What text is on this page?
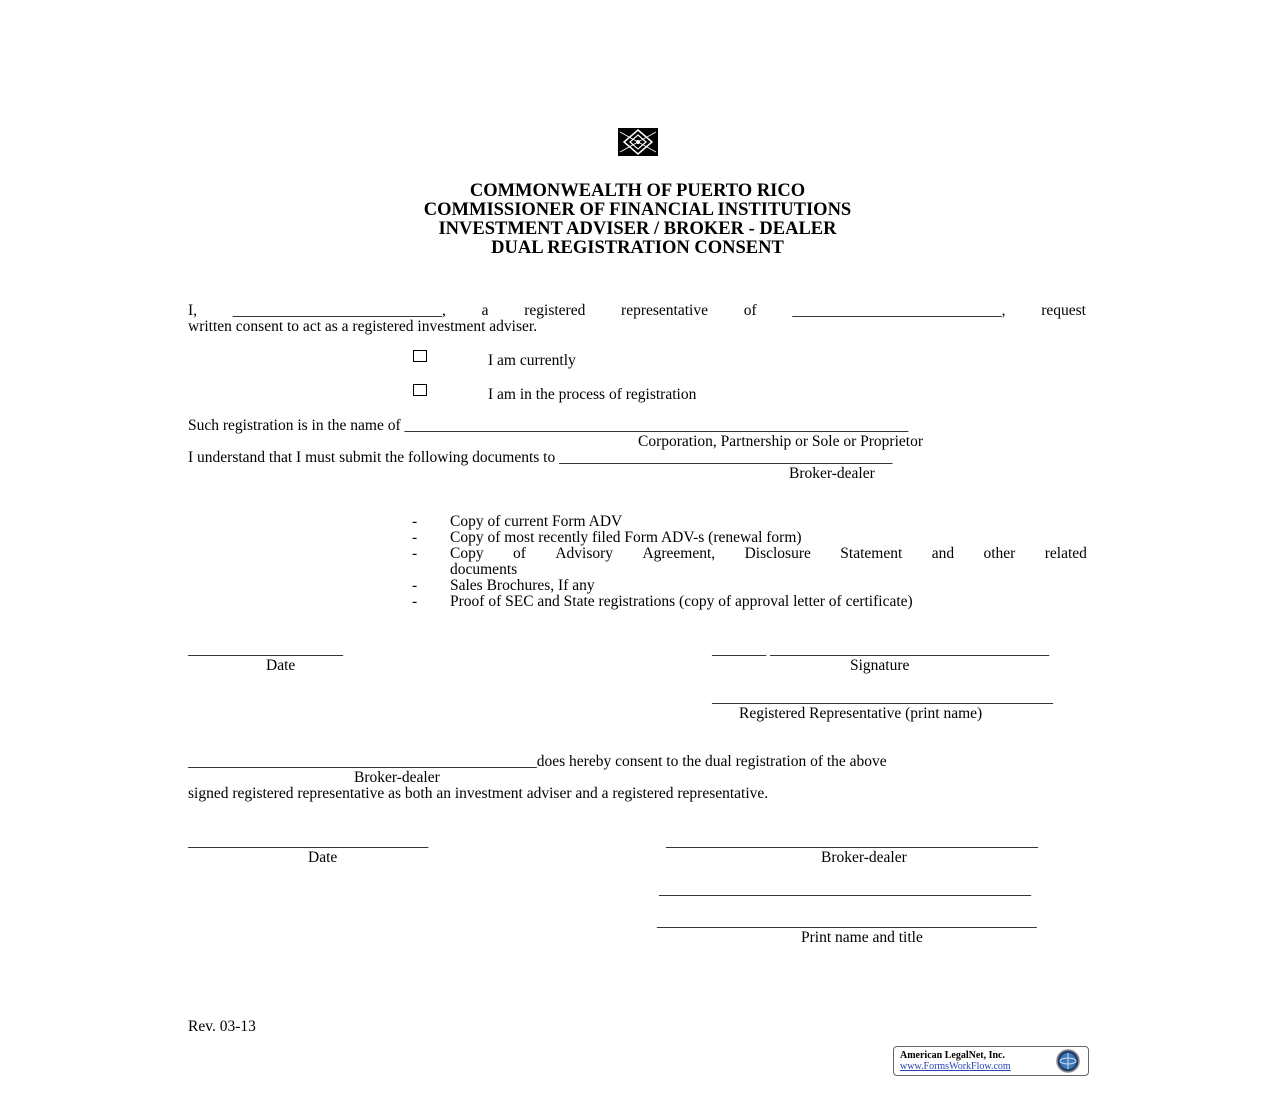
COMMONWEALTH OF PUERTO RICO
COMMISSIONER OF FINANCIAL INSTITUTIONS
INVESTMENT ADVISER / BROKER - DEALER
DUAL REGISTRATION CONSENT
I, ___________________________, a registered representative of ___________________________, request
written consent to act as a registered investment adviser.
I am currently
I am in the process of registration
Such registration is in the name of _________________________________________________________________
Corporation, Partnership or Sole or Proprietor
I understand that I must submit the following documents to ___________________________________________
Broker-dealer
- Copy of current Form ADV
- Copy of most recently filed Form ADV-s (renewal form)
- Copy of Advisory Agreement, Disclosure Statement and other related
documents
- Sales Brochures, If any
- Proof of SEC and State registrations (copy of approval letter of certificate)
____________________
Date
_______ ____________________________________
Signature
____________________________________________
Registered Representative (print name)
_____________________________________________does hereby consent to the dual registration of the above
Broker-dealer
signed registered representative as both an investment adviser and a registered representative.
_______________________________
Date
________________________________________________
Broker-dealer
________________________________________________
_________________________________________________
Print name and title
Rev. 03-13
American LegalNet, Inc.
www.FormsWorkFlow.com
